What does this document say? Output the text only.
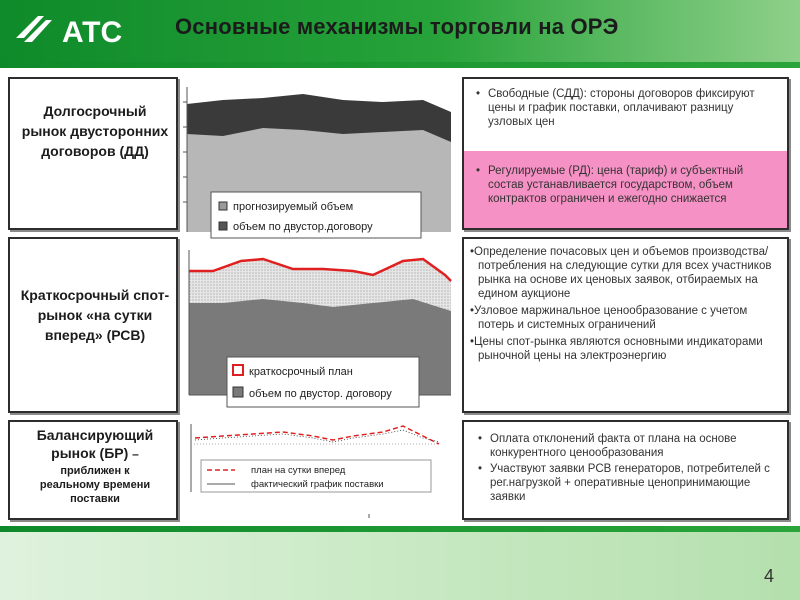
АТС Основные механизмы торговли на ОРЭ
Долгосрочный рынок двусторонних договоров (ДД)
прогнозируемый объем
объем по двустор.договору
• Свободные (СДД): стороны договоров фиксируют цены и график поставки, оплачивают разницу узловых цен
• Регулируемые (РД): цена (тариф) и субъектный состав устанавливается государством, объем контрактов ограничен и ежегодно снижается
Краткосрочный спот-рынок «на сутки вперед» (РСВ)
краткосрочный план
объем по двустор. договору
•Определение почасовых цен и объемов производства/потребления на следующие сутки для всех участников рынка на основе их ценовых заявок, отбираемых на едином аукционе
•Узловое маржинальное ценообразование с учетом потерь и системных ограничений
•Цены спот-рынка являются основными индикаторами рыночной цены на электроэнергию
Балансирующий
рынок (БР) –
приближен к
реальному времени
поставки
план на сутки вперед
фактический график поставки
• Оплата отклонений факта от плана на основе конкурентного ценообразования
• Участвуют заявки РСВ генераторов, потребителей с рег.нагрузкой + оперативные ценопринимающие заявки
4
